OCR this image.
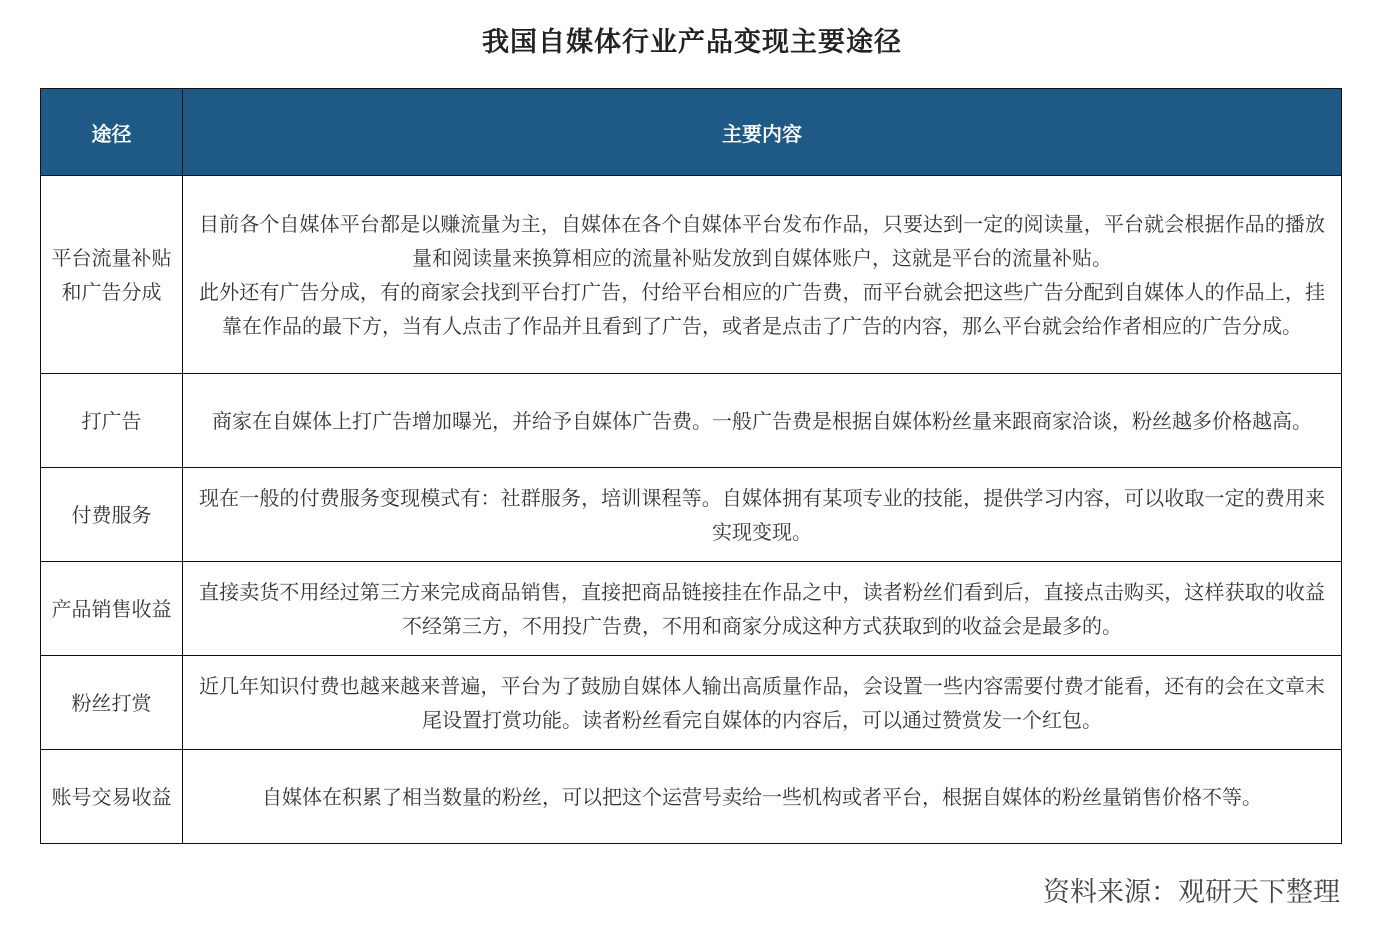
我国自媒体行业产品变现主要途径
途径	主要内容
平台流量补贴和广告分成	目前各个自媒体平台都是以赚流量为主，自媒体在各个自媒体平台发布作品，只要达到一定的阅读量，平台就会根据作品的播放量和阅读量来换算相应的流量补贴发放到自媒体账户，这就是平台的流量补贴。

此外还有广告分成，有的商家会找到平台打广告，付给平台相应的广告费，而平台就会把这些广告分配到自媒体人的作品上，挂靠在作品的最下方，当有人点击了作品并且看到了广告，或者是点击了广告的内容，那么平台就会给作者相应的广告分成。

打广告	商家在自媒体上打广告增加曝光，并给予自媒体广告费。一般广告费是根据自媒体粉丝量来跟商家洽谈，粉丝越多价格越高。

付费服务	现在一般的付费服务变现模式有：社群服务，培训课程等。自媒体拥有某项专业的技能，提供学习内容，可以收取一定的费用来实现变现。

产品销售收益	直接卖货不用经过第三方来完成商品销售，直接把商品链接挂在作品之中，读者粉丝们看到后，直接点击购买，这样获取的收益不经第三方，不用投广告费，不用和商家分成这种方式获取到的收益会是最多的。

粉丝打赏	近几年知识付费也越来越来普遍，平台为了鼓励自媒体人输出高质量作品，会设置一些内容需要付费才能看，还有的会在文章末尾设置打赏功能。读者粉丝看完自媒体的内容后，可以通过赞赏发一个红包。

账号交易收益	自媒体在积累了相当数量的粉丝，可以把这个运营号卖给一些机构或者平台，根据自媒体的粉丝量销售价格不等。

资料来源：观研天下整理
